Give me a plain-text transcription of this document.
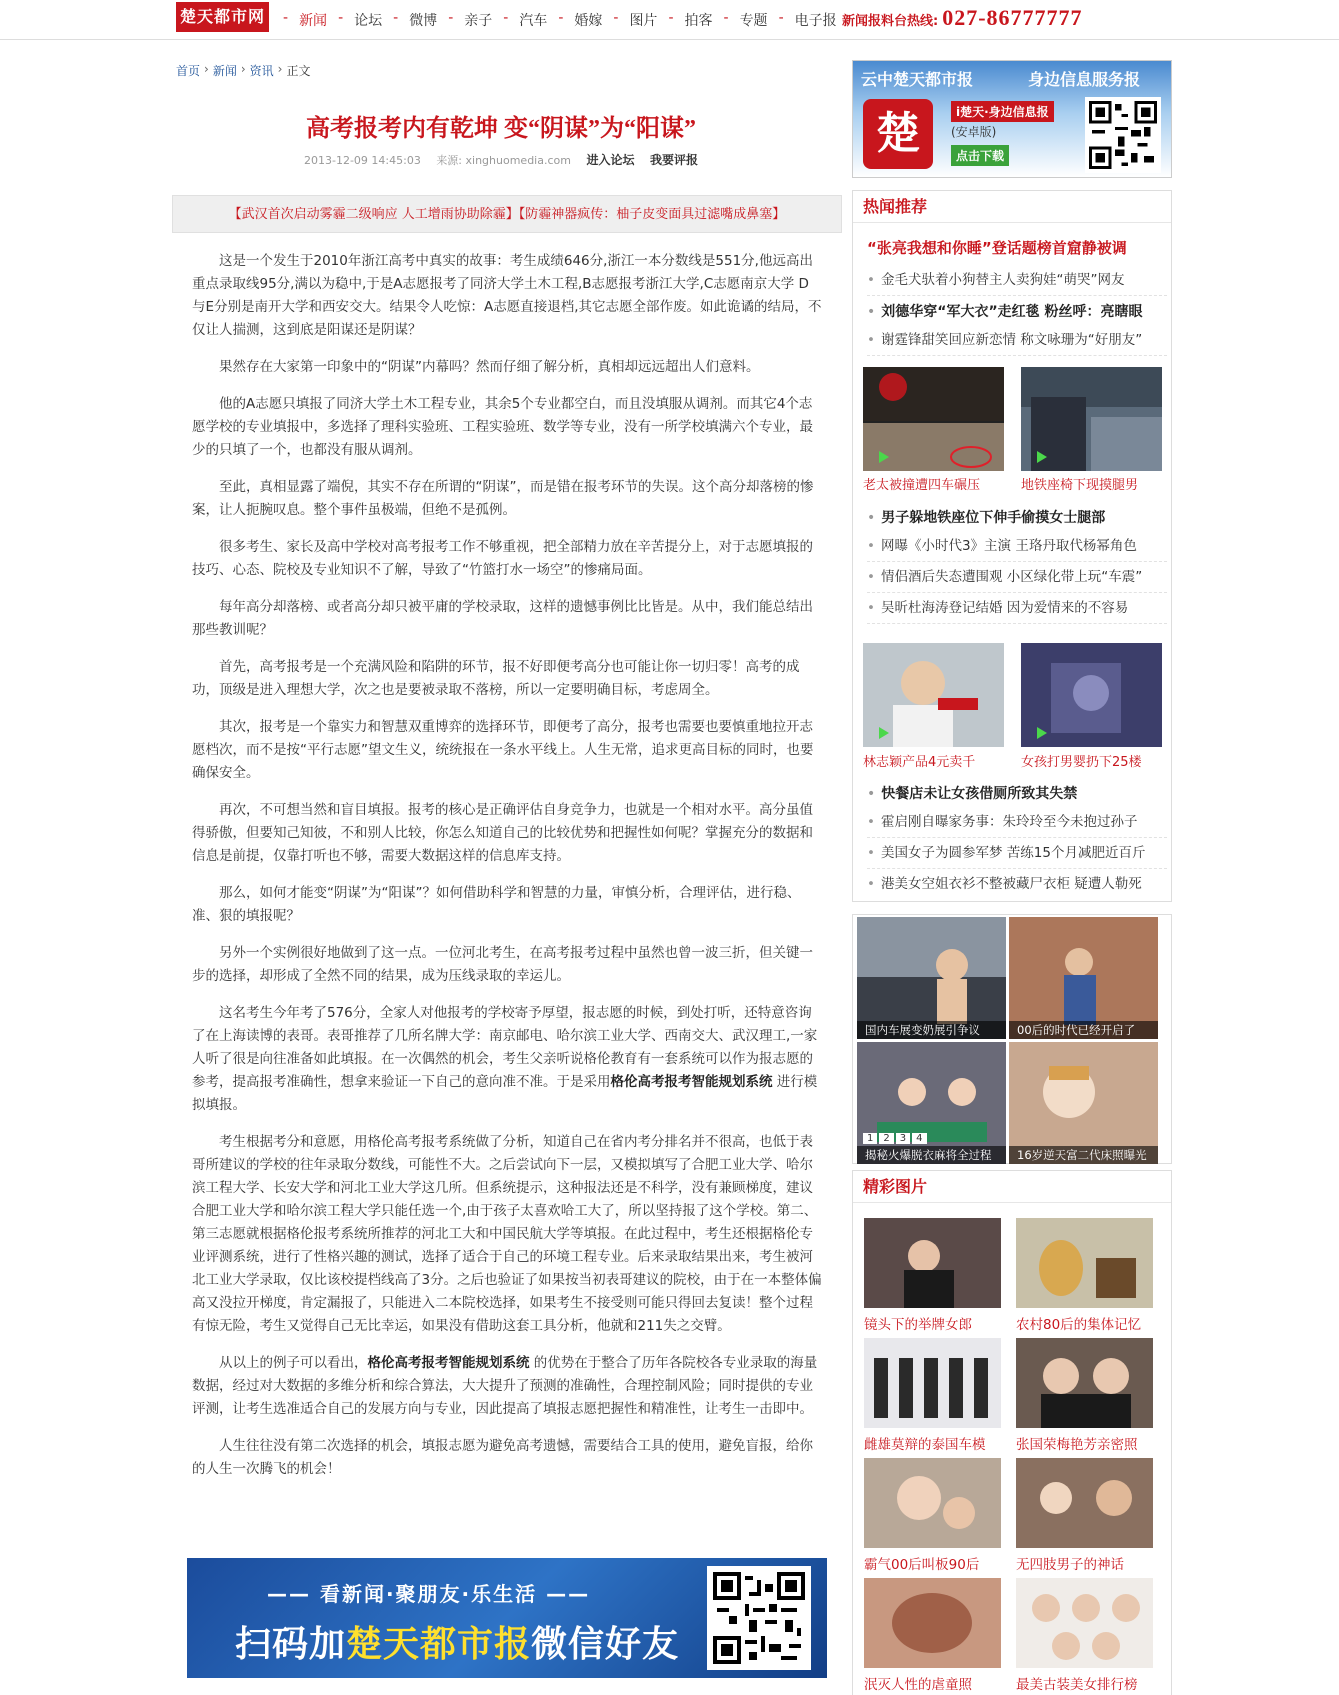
楚天都市网 - 新闻 - 论坛 - 微博 - 亲子 - 汽车 - 婚嫁 - 图片 - 拍客 - 专题 - 电子报 新闻报料台热线: 027-86777777
首页 › 新闻 › 资讯 › 正文
高考报考内有乾坤 变“阴谋”为“阳谋”
2013-12-09 14:45:03 来源: xinghuomedia.com 进入论坛 我要评报
【武汉首次启动雾霾二级响应 人工增雨协助除霾】【防霾神器疯传：柚子皮变面具过滤嘴成鼻塞】

这是一个发生于2010年浙江高考中真实的故事：考生成绩646分,浙江一本分数线是551分,他远高出重点录取线95分,满以为稳中,于是A志愿报考了同济大学土木工程,B志愿报考浙江大学,C志愿南京大学 D与E分别是南开大学和西安交大。结果令人吃惊：A志愿直接退档,其它志愿全部作废。如此诡谲的结局，不仅让人揣测，这到底是阳谋还是阴谋？

果然存在大家第一印象中的“阴谋”内幕吗？然而仔细了解分析，真相却远远超出人们意料。

他的A志愿只填报了同济大学土木工程专业，其余5个专业都空白，而且没填服从调剂。而其它4个志愿学校的专业填报中，多选择了理科实验班、工程实验班、数学等专业，没有一所学校填满六个专业，最少的只填了一个，也都没有服从调剂。

至此，真相显露了端倪，其实不存在所谓的“阴谋”，而是错在报考环节的失误。这个高分却落榜的惨案，让人扼腕叹息。整个事件虽极端，但绝不是孤例。

很多考生、家长及高中学校对高考报考工作不够重视，把全部精力放在辛苦提分上，对于志愿填报的技巧、心态、院校及专业知识不了解，导致了“竹篮打水一场空”的惨痛局面。

每年高分却落榜、或者高分却只被平庸的学校录取，这样的遗憾事例比比皆是。从中，我们能总结出那些教训呢？

首先，高考报考是一个充满风险和陷阱的环节，报不好即便考高分也可能让你一切归零！高考的成功，顶级是进入理想大学，次之也是要被录取不落榜，所以一定要明确目标，考虑周全。

其次，报考是一个靠实力和智慧双重博弈的选择环节，即便考了高分，报考也需要也要慎重地拉开志愿档次，而不是按“平行志愿”望文生义，统统报在一条水平线上。人生无常，追求更高目标的同时，也要确保安全。

再次，不可想当然和盲目填报。报考的核心是正确评估自身竞争力，也就是一个相对水平。高分虽值得骄傲，但要知己知彼，不和别人比较，你怎么知道自己的比较优势和把握性如何呢？掌握充分的数据和信息是前提，仅靠打听也不够，需要大数据这样的信息库支持。

那么，如何才能变“阴谋”为“阳谋”？如何借助科学和智慧的力量，审慎分析，合理评估，进行稳、准、狠的填报呢？

另外一个实例很好地做到了这一点。一位河北考生，在高考报考过程中虽然也曾一波三折，但关键一步的选择，却形成了全然不同的结果，成为压线录取的幸运儿。

这名考生今年考了576分，全家人对他报考的学校寄予厚望，报志愿的时候，到处打听，还特意咨询了在上海读博的表哥。表哥推荐了几所名牌大学：南京邮电、哈尔滨工业大学、西南交大、武汉理工,一家人听了很是向往准备如此填报。在一次偶然的机会，考生父亲听说格伦教育有一套系统可以作为报志愿的参考，提高报考准确性，想拿来验证一下自己的意向准不准。于是采用格伦高考报考智能规划系统 进行模拟填报。

考生根据考分和意愿，用格伦高考报考系统做了分析，知道自己在省内考分排名并不很高，也低于表哥所建议的学校的往年录取分数线，可能性不大。之后尝试向下一层，又模拟填写了合肥工业大学、哈尔滨工程大学、长安大学和河北工业大学这几所。但系统提示，这种报法还是不科学，没有兼顾梯度，建议合肥工业大学和哈尔滨工程大学只能任选一个,由于孩子太喜欢哈工大了，所以坚持报了这个学校。第二、第三志愿就根据格伦报考系统所推荐的河北工大和中国民航大学等填报。在此过程中，考生还根据格伦专业评测系统，进行了性格兴趣的测试，选择了适合于自己的环境工程专业。后来录取结果出来，考生被河北工业大学录取，仅比该校提档线高了3分。之后也验证了如果按当初表哥建议的院校，由于在一本整体偏高又没拉开梯度，肯定漏报了，只能进入二本院校选择，如果考生不接受则可能只得回去复读！整个过程有惊无险，考生又觉得自己无比幸运，如果没有借助这套工具分析，他就和211失之交臂。

从以上的例子可以看出，格伦高考报考智能规划系统 的优势在于整合了历年各院校各专业录取的海量数据，经过对大数据的多维分析和综合算法，大大提升了预测的准确性，合理控制风险；同时提供的专业评测，让考生选准适合自己的发展方向与专业，因此提高了填报志愿把握性和精准性，让考生一击即中。

人生往往没有第二次选择的机会，填报志愿为避免高考遗憾，需要结合工具的使用，避免盲报，给你的人生一次腾飞的机会！

—— 看新闻·聚朋友·乐生活 ——
扫码加楚天都市报微信好友
云中楚天都市报	身边信息服务报
楚	i楚天·身边信息报
(安卓版)
点击下载
热闻推荐
“张亮我想和你睡”登话题榜首窟静被调
• 金毛犬驮着小狗替主人卖狗娃“萌哭”网友
• 刘德华穿“军大衣”走红毯 粉丝呼：亮瞎眼
• 谢霆锋甜笑回应新恋情 称文咏珊为“好朋友”
老太被撞遭四车碾压	地铁座椅下现摸腿男
• 男子躲地铁座位下伸手偷摸女士腿部
• 网曝《小时代3》主演 王珞丹取代杨幂角色
• 情侣酒后失态遭围观 小区绿化带上玩“车震”
• 吴昕杜海涛登记结婚 因为爱情来的不容易
林志颖产品4元卖千	女孩打男婴扔下25楼
• 快餐店未让女孩借厕所致其失禁
• 霍启刚自曝家务事：朱玲玲至今未抱过孙子
• 美国女子为圆参军梦 苦练15个月减肥近百斤
• 港美女空姐衣衫不整被藏尸衣柜 疑遭人勒死
国内车展变奶展引争议	00后的时代已经开启了
揭秘火爆脱衣麻将全过程
1	2	3	4
16岁逆天富二代床照曝光
精彩图片
镜头下的举牌女郎	农村80后的集体记忆
雌雄莫辩的泰国车模	张国荣梅艳芳亲密照
霸气00后叫板90后	无四肢男子的神话
泯灭人性的虐童照	最美古装美女排行榜
